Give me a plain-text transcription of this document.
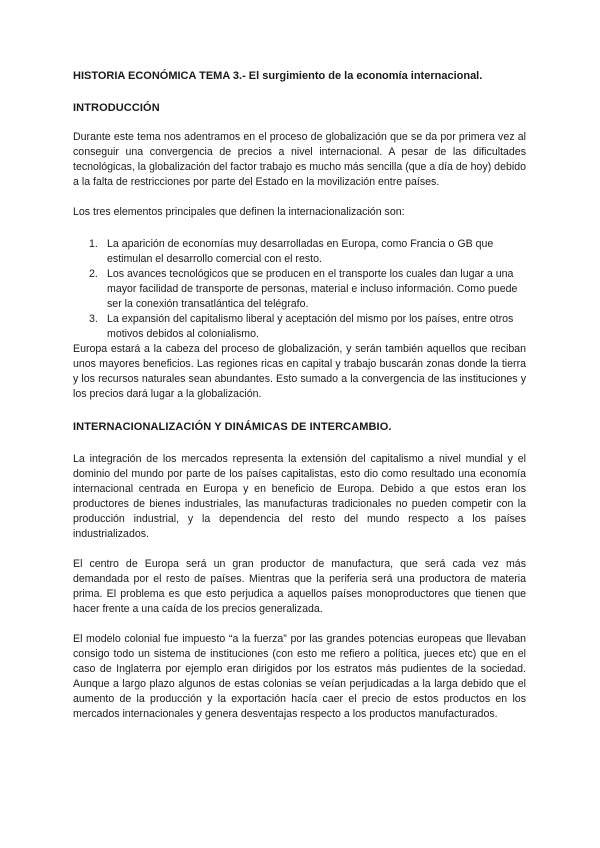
HISTORIA ECONÓMICA TEMA 3.- El surgimiento de la economía internacional.
INTRODUCCIÓN

Durante este tema nos adentramos en el proceso de globalización que se da por primera vez al conseguir una convergencia de precios a nivel internacional. A pesar de las dificultades tecnológicas, la globalización del factor trabajo es mucho más sencilla (que a día de hoy) debido a la falta de restricciones por parte del Estado en la movilización entre países.

Los tres elementos principales que definen la internacionalización son:

1. La aparición de economías muy desarrolladas en Europa, como Francia o GB que estimulan el desarrollo comercial con el resto.
2. Los avances tecnológicos que se producen en el transporte los cuales dan lugar a una mayor facilidad de transporte de personas, material e incluso información. Como puede ser la conexión transatlántica del telégrafo.
3. La expansión del capitalismo liberal y aceptación del mismo por los países, entre otros motivos debidos al colonialismo.

Europa estará a la cabeza del proceso de globalización, y serán también aquellos que reciban unos mayores beneficios. Las regiones ricas en capital y trabajo buscarán zonas donde la tierra y los recursos naturales sean abundantes. Esto sumado a la convergencia de las instituciones y los precios dará lugar a la globalización.

INTERNACIONALIZACIÓN Y DINÁMICAS DE INTERCAMBIO.

La integración de los mercados representa la extensión del capitalismo a nivel mundial y el dominio del mundo por parte de los países capitalistas, esto dio como resultado una economía internacional centrada en Europa y en beneficio de Europa. Debido a que estos eran los productores de bienes industriales, las manufacturas tradicionales no pueden competir con la producción industrial, y la dependencia del resto del mundo respecto a los países industrializados.

El centro de Europa será un gran productor de manufactura, que será cada vez más demandada por el resto de países. Mientras que la periferia será una productora de materia prima. El problema es que esto perjudica a aquellos países monoproductores que tienen que hacer frente a una caída de los precios generalizada.

El modelo colonial fue impuesto “a la fuerza” por las grandes potencias europeas que llevaban consigo todo un sistema de instituciones (con esto me refiero a política, jueces etc) que en el caso de Inglaterra por ejemplo eran dirigidos por los estratos más pudientes de la sociedad. Aunque a largo plazo algunos de estas colonias se veían perjudicadas a la larga debido que el aumento de la producción y la exportación hacía caer el precio de estos productos en los mercados internacionales y genera desventajas respecto a los productos manufacturados.
